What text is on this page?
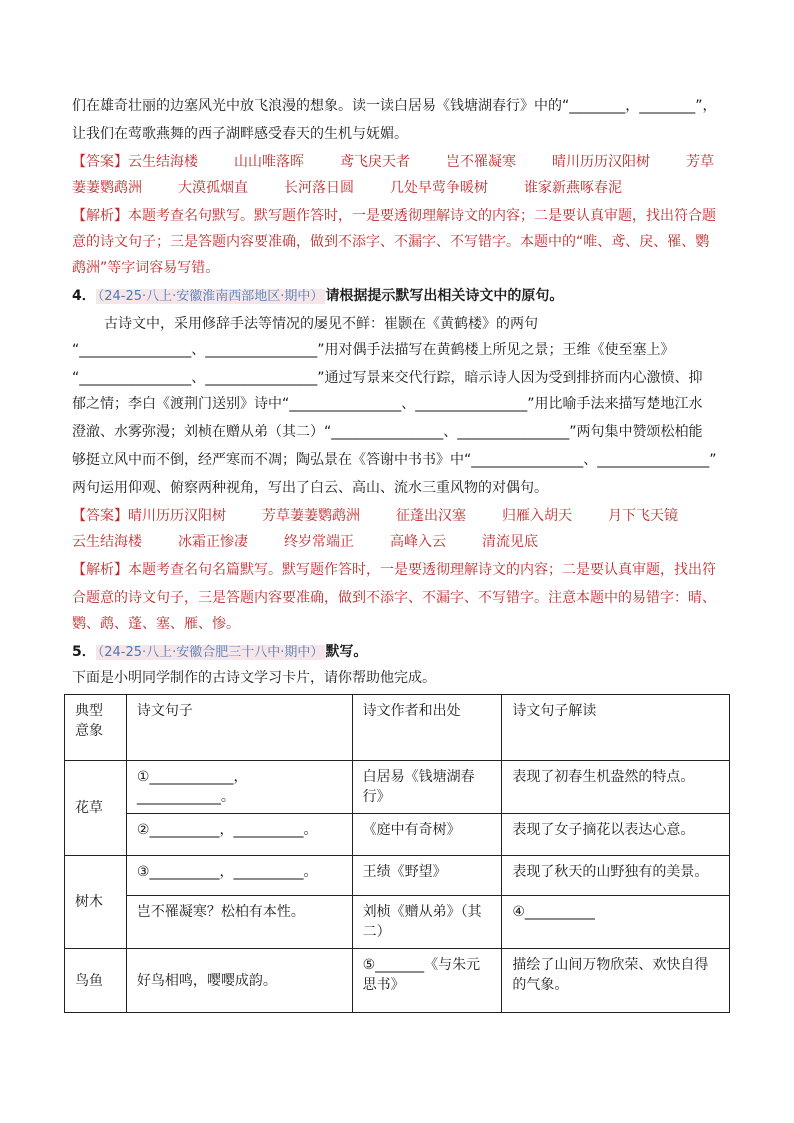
们在雄奇壮丽的边塞风光中放飞浪漫的想象。读一读白居易《钱塘湖春行》中的“________，________”，
让我们在莺歌燕舞的西子湖畔感受春天的生机与妩媚。
【答案】云生结海楼	山山唯落晖	鸢飞戾天者	岂不罹凝寒	晴川历历汉阳树	芳草
萋萋鹦鹉洲	大漠孤烟直	长河落日圆	几处早莺争暖树	谁家新燕啄春泥
【解析】本题考查名句默写。默写题作答时，一是要透彻理解诗文的内容；二是要认真审题，找出符合题
意的诗文句子；三是答题内容要准确，做到不添字、不漏字、不写错字。本题中的“唯、鸢、戾、罹、鹦
鹉洲”等字词容易写错。
4． （24-25·八上·安徽淮南西部地区·期中） 请根据提示默写出相关诗文中的原句。
古诗文中，采用修辞手法等情况的屡见不鲜：崔颢在《黄鹤楼》的两句
“________________、________________”用对偶手法描写在黄鹤楼上所见之景；王维《使至塞上》
“________________、________________”通过写景来交代行踪，暗示诗人因为受到排挤而内心激愤、抑
郁之情；李白《渡荆门送别》诗中“________________、________________”用比喻手法来描写楚地江水
澄澈、水雾弥漫；刘桢在赠从弟（其二）“________________、________________”两句集中赞颂松柏能
够挺立风中而不倒，经严寒而不凋；陶弘景在《答谢中书书》中“________________、________________”
两句运用仰观、俯察两种视角，写出了白云、高山、流水三重风物的对偶句。
【答案】晴川历历汉阳树	芳草萋萋鹦鹉洲	征蓬出汉塞	归雁入胡天	月下飞天镜
云生结海楼	冰霜正惨凄	终岁常端正	高峰入云	清流见底
【解析】本题考查名句名篇默写。默写题作答时，一是要透彻理解诗文的内容；二是要认真审题，找出符
合题意的诗文句子，三是答题内容要准确，做到不添字、不漏字、不写错字。注意本题中的易错字：晴、
鹦、鹉、蓬、塞、雁、惨。
5． （24-25·八上·安徽合肥三十八中·期中） 默写。
下面是小明同学制作的古诗文学习卡片，请你帮助他完成。
典型意象	诗文句子	诗文作者和出处	诗文句子解读
花草	①____________，____________。	白居易《钱塘湖春行》	表现了初春生机盎然的特点。
	②__________，__________。	《庭中有奇树》	表现了女子摘花以表达心意。
树木	③__________，__________。	王绩《野望》	表现了秋天的山野独有的美景。
	岂不罹凝寒？松柏有本性。	刘桢《赠从弟》（其二）	④__________
鸟鱼	好鸟相鸣，嘤嘤成韵。	⑤_______《与朱元思书》	描绘了山间万物欣荣、欢快自得的气象。
